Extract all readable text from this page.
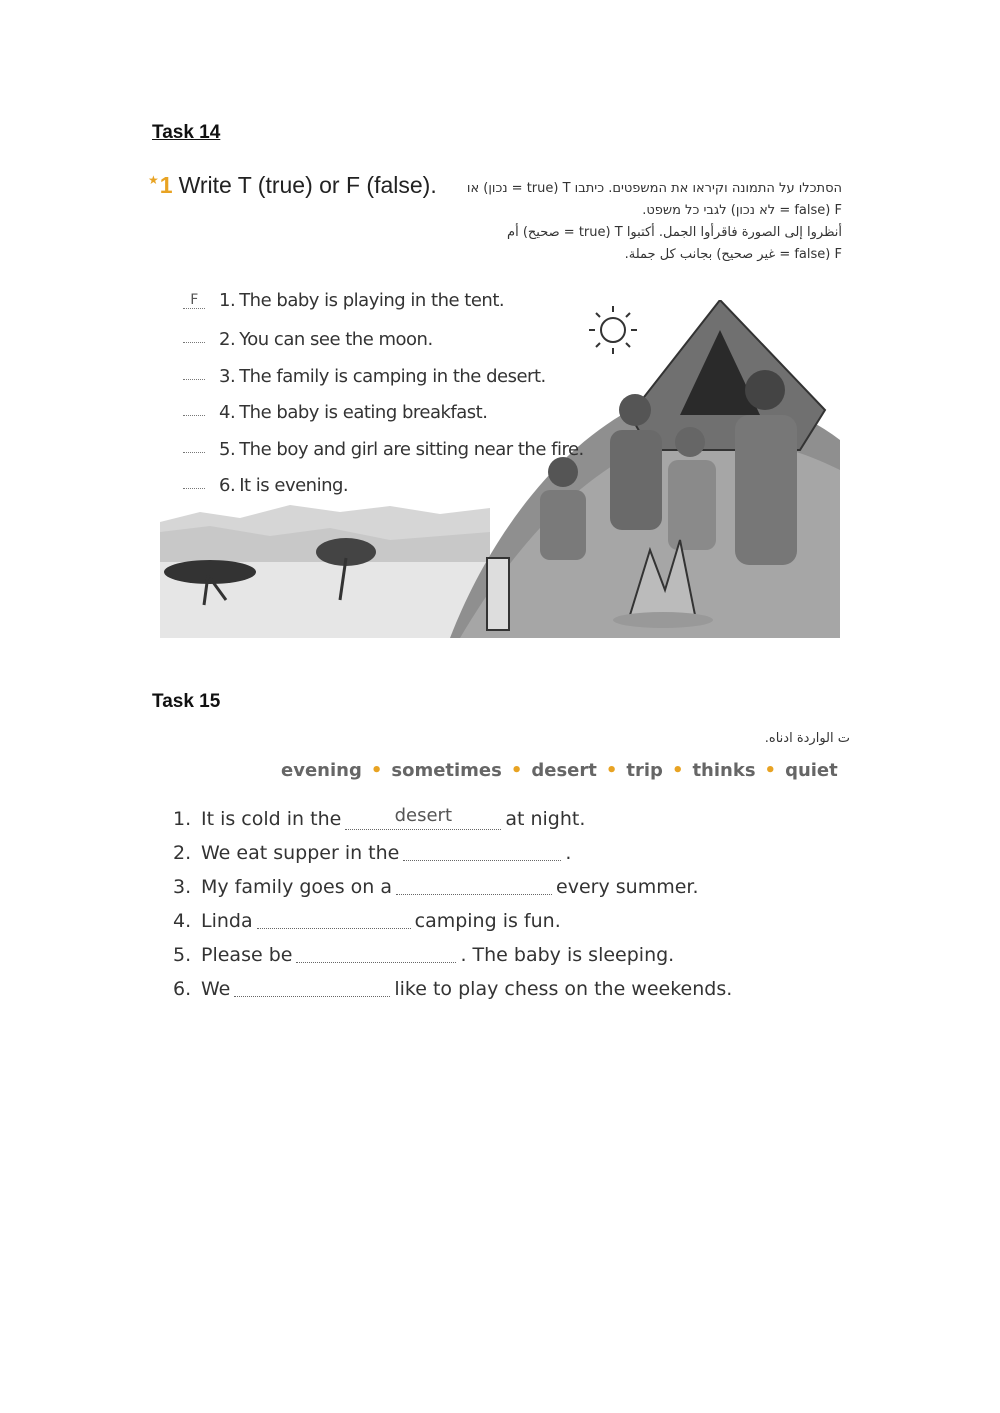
Task 14
★1 Write T (true) or F (false).	הסתכלו על התמונה וקיראו את המשפטים. כיתבו T (true = נכון) או
F (false = לא נכון) לגבי כל משפט.
أنظروا إلى الصورة فاقرأوا الجمل. أكتبوا T (true = صحيح) أم
F (false = غير صحيح) بجانب كل جملة.
F 1. The baby is playing in the tent.
2. You can see the moon.
3. The family is camping in the desert.
4. The baby is eating breakfast.
5. The boy and girl are sitting near the fire.
6. It is evening.
Task 15
ت الواردة ادناه.
evening • sometimes • desert • trip • thinks • quiet
1. It is cold in the	desert	at night.
2. We eat supper in the	.
3. My family goes on a	every summer.
4. Linda	camping is fun.
5. Please be	. The baby is sleeping.
6. We	like to play chess on the weekends.
